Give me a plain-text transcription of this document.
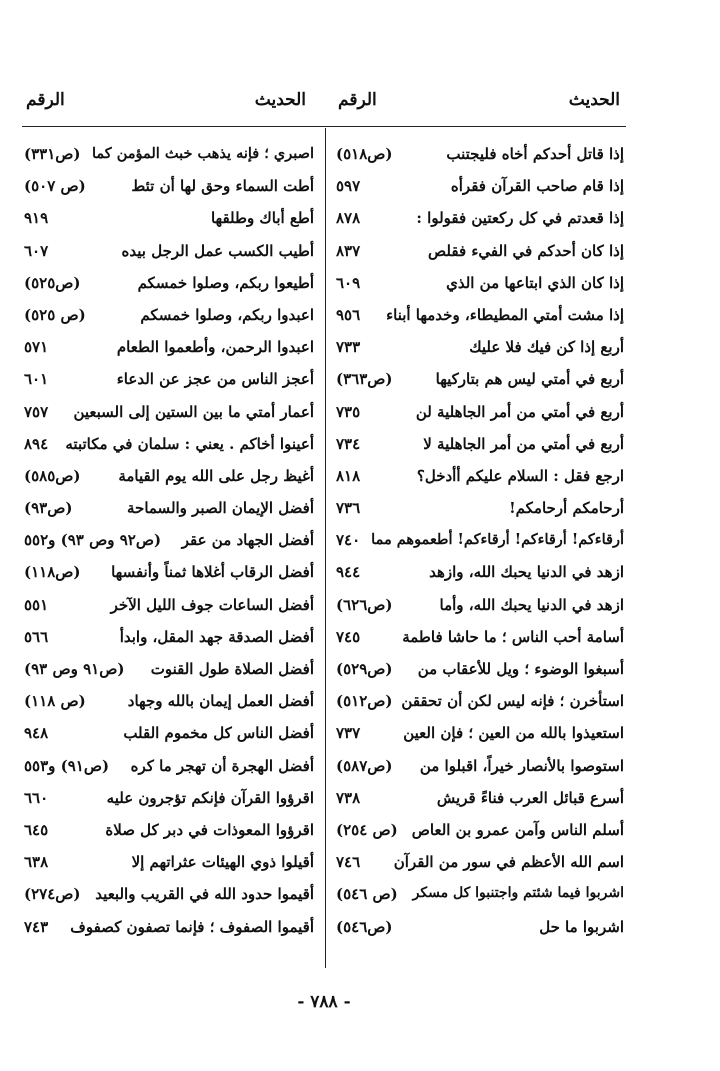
الحديث
الرقم
الحديث
الرقم
إذا قاتل أحدكم أخاه فليجتنب
(ص٥١٨)
إذا قام صاحب القرآن فقرأه
٥٩٧
إذا قعدتم في كل ركعتين فقولوا :
٨٧٨
إذا كان أحدكم في الفيء فقلص
٨٣٧
إذا كان الذي ابتاعها من الذي
٦٠٩
إذا مشت أمتي المطيطاء، وخدمها أبناء
٩٥٦
أربع إذا كن فيك فلا عليك
٧٣٣
أربع في أمتي ليس هم بتاركيها
(ص٣٦٣)
أربع في أمتي من أمر الجاهلية لن
٧٣٥
أربع في أمتي من أمر الجاهلية لا
٧٣٤
ارجع فقل : السلام عليكم أأدخل؟
٨١٨
أرحامكم أرحامكم!
٧٣٦
أرقاءكم! أرقاءكم! أرقاءكم! أطعموهم مما
٧٤٠
ازهد في الدنيا يحبك الله، وازهد
٩٤٤
ازهد في الدنيا يحبك الله، وأما
(ص٦٢٦)
أسامة أحب الناس ؛ ما حاشا فاطمة
٧٤٥
أسبغوا الوضوء ؛ ويل للأعقاب من
(ص٥٢٩)
استأخرن ؛ فإنه ليس لكن أن تحققن
(ص٥١٢)
استعيذوا بالله من العين ؛ فإن العين
٧٣٧
استوصوا بالأنصار خيراً، اقبلوا من
(ص٥٨٧)
أسرع قبائل العرب فناءً قريش
٧٣٨
أسلم الناس وآمن عمرو بن العاص
(ص ٢٥٤)
اسم الله الأعظم في سور من القرآن
٧٤٦
اشربوا فيما شئتم واجتنبوا كل مسكر
(ص ٥٤٦)
اشربوا ما حل
(ص٥٤٦)
اصبري ؛ فإنه يذهب خبث المؤمن كما
(ص٣٣١)
أطت السماء وحق لها أن تئط
(ص ٥٠٧)
أطع أباك وطلقها
٩١٩
أطيب الكسب عمل الرجل بيده
٦٠٧
أطيعوا ربكم، وصلوا خمسكم
(ص٥٢٥)
اعبدوا ربكم، وصلوا خمسكم
(ص ٥٢٥)
اعبدوا الرحمن، وأطعموا الطعام
٥٧١
أعجز الناس من عجز عن الدعاء
٦٠١
أعمار أمتي ما بين الستين إلى السبعين
٧٥٧
أعينوا أخاكم . يعني : سلمان في مكاتبته
٨٩٤
أغيظ رجل على الله يوم القيامة
(ص٥٨٥)
أفضل الإيمان الصبر والسماحة
(ص٩٣)
أفضل الجهاد من عقر
(ص٩٢ وص ٩٣) و٥٥٢
أفضل الرقاب أغلاها ثمناً وأنفسها
(ص١١٨)
أفضل الساعات جوف الليل الآخر
٥٥١
أفضل الصدقة جهد المقل، وابدأ
٥٦٦
أفضل الصلاة طول القنوت
(ص٩١ وص ٩٣)
أفضل العمل إيمان بالله وجهاد
(ص ١١٨)
أفضل الناس كل مخموم القلب
٩٤٨
أفضل الهجرة أن تهجر ما كره
(ص٩١) و٥٥٣
اقرؤوا القرآن فإنكم تؤجرون عليه
٦٦٠
اقرؤوا المعوذات في دبر كل صلاة
٦٤٥
أقيلوا ذوي الهيئات عثراتهم إلا
٦٣٨
أقيموا حدود الله في القريب والبعيد
(ص٢٧٤)
أقيموا الصفوف ؛ فإنما تصفون كصفوف
٧٤٣
- ٧٨٨ -
